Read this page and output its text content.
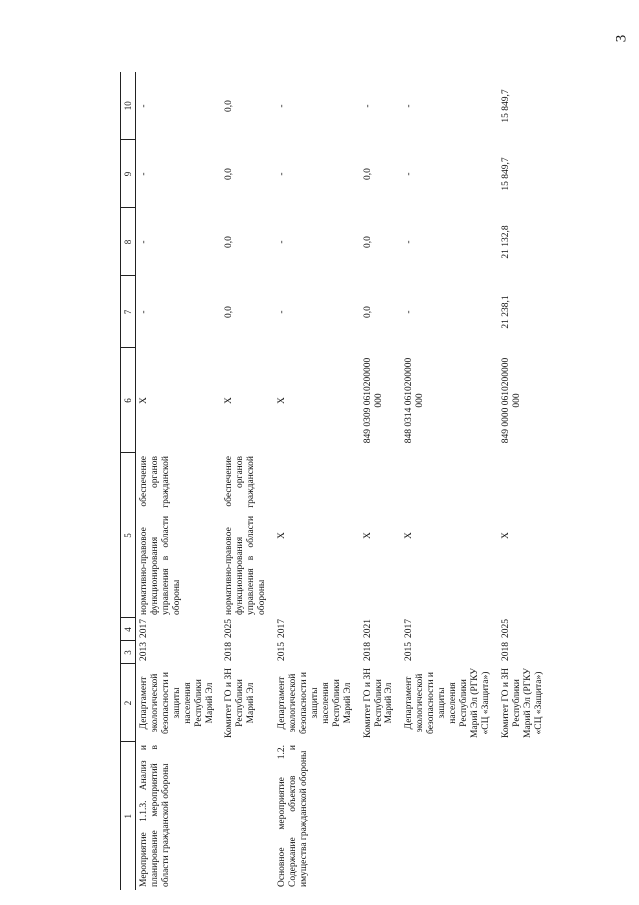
3
1	2	3	4	5	6	7	8	9	10
Мероприятие 1.1.3. Анализ и планирование мероприятий в области гражданской обороны	Департамент экологической безопасности и защиты населения Республики Марий Эл	2013	2017	нормативно-правовое обеспечение функционирования органов управления в области гражданской обороны	Х	-	-	-	-
	Комитет ГО и ЗН Республики Марий Эл	2018	2025	нормативно-правовое обеспечение функционирования органов управления в области гражданской обороны	Х	0,0	0,0	0,0	0,0
Основное мероприятие 1.2. Содержание объектов и имущества гражданской обороны	Департамент экологической безопасности и защиты населения Республики Марий Эл	2015	2017	Х	Х	-	-	-	-
	Комитет ГО и ЗН Республики Марий Эл	2018	2021	Х	849 0309 0610200000 000	0,0	0,0	0,0	-
	Департамент экологической безопасности и защиты населения Республики Марий Эл (РГКУ «СЦ «Защита»)	2015	2017	Х	848 0314 0610200000 000	-	-	-	-
	Комитет ГО и ЗН Республики Марий Эл (РГКУ «СЦ «Защита»)	2018	2025	Х	849 0000 0610200000 000	21 238,1	21 132,8	15 849,7	15 849,7
